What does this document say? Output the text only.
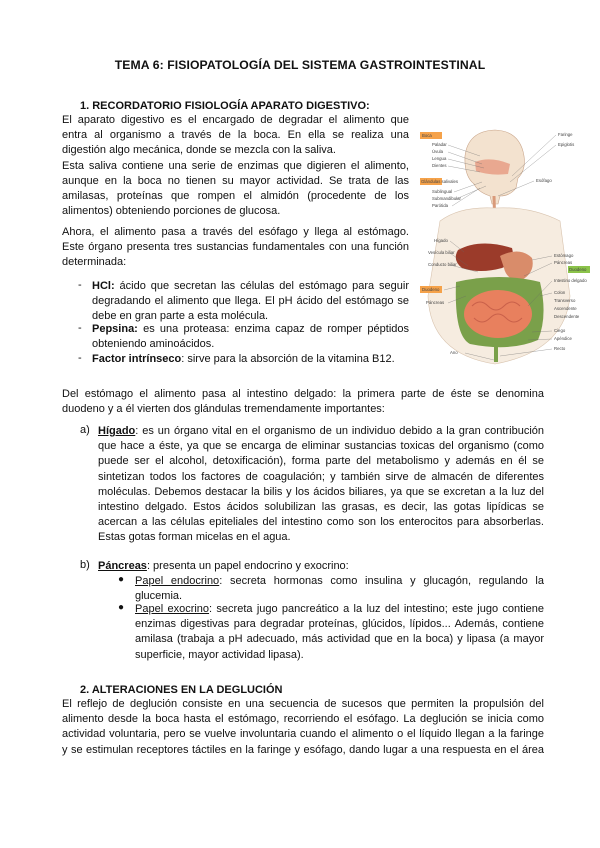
TEMA 6: FISIOPATOLOGÍA DEL SISTEMA GASTROINTESTINAL
1. RECORDATORIO FISIOLOGÍA APARATO DIGESTIVO:
El aparato digestivo es el encargado de degradar el alimento que
entra al organismo a través de la boca. En ella se realiza una
digestión algo mecánica, donde se mezcla con la saliva.
Esta saliva contiene una serie de enzimas que digieren el alimento,
aunque en la boca no tienen su mayor actividad. Se trata de las
amilasas, proteínas que rompen el almidón (procedente de los
alimentos) obteniendo porciones de glucosa.
Ahora, el alimento pasa a través del esófago y llega al estómago.
Este órgano presenta tres sustancias fundamentales con una función
determinada:
- HCl: ácido que secretan las células del estómago para seguir
degradando el alimento que llega. El pH ácido del estómago se
debe en gran parte a esta molécula.
- Pepsina: es una proteasa: enzima capaz de romper péptidos
obteniendo aminoácidos.
- Factor intrínseco: sirve para la absorción de la vitamina B12.
Del estómago el alimento pasa al intestino delgado: la primera parte de éste se denomina
duodeno y a él vierten dos glándulas tremendamente importantes:
a) Hígado: es un órgano vital en el organismo de un individuo debido a la gran contribución
que hace a éste, ya que se encarga de eliminar sustancias toxicas del organismo (como
puede ser el alcohol, detoxificación), forma parte del metabolismo y además en él se
sintetizan todos los factores de coagulación; y también sirve de almacén de diferentes
moléculas. Debemos destacar la bilis y los ácidos biliares, ya que se excretan a la luz del
intestino delgado. Estos ácidos solubilizan las grasas, es decir, las gotas lipídicas se
acercan a las células epiteliales del intestino como son los enterocitos para absorberlas.
Estas gotas forman micelas en el agua.
b) Páncreas: presenta un papel endocrino y exocrino:
● Papel endocrino: secreta hormonas como insulina y glucagón, regulando la
glucemia.
● Papel exocrino: secreta jugo pancreático a la luz del intestino; este jugo contiene
enzimas digestivas para degradar proteínas, glúcidos, lípidos... Además, contiene
amilasa (trabaja a pH adecuado, más actividad que en la boca) y lipasa (a mayor
superficie, mayor actividad lipasa).
2. ALTERACIONES EN LA DEGLUCIÓN
El reflejo de deglución consiste en una secuencia de sucesos que permiten la propulsión del
alimento desde la boca hasta el estómago, recorriendo el esófago. La deglución se inicia como
actividad voluntaria, pero se vuelve involuntaria cuando el alimento o el líquido llegan a la faringe
y se estimulan receptores táctiles en la faringe y esófago, dando lugar a una respuesta en el área
Boca
Paladar
Úvula
Lengua
Dientes
Glándulas salivales
Sublingual
Submandibular
Parótida
Hígado
Vesícula biliar
Conducto biliar
Duodeno
Páncreas
Ano
Faringe
Epiglotis
Esófago
Estómago
Páncreas
Duodeno
Intestino delgado
Colon
Transverso
Ascendente
Descendente
Ciego
Apéndice
Recto
